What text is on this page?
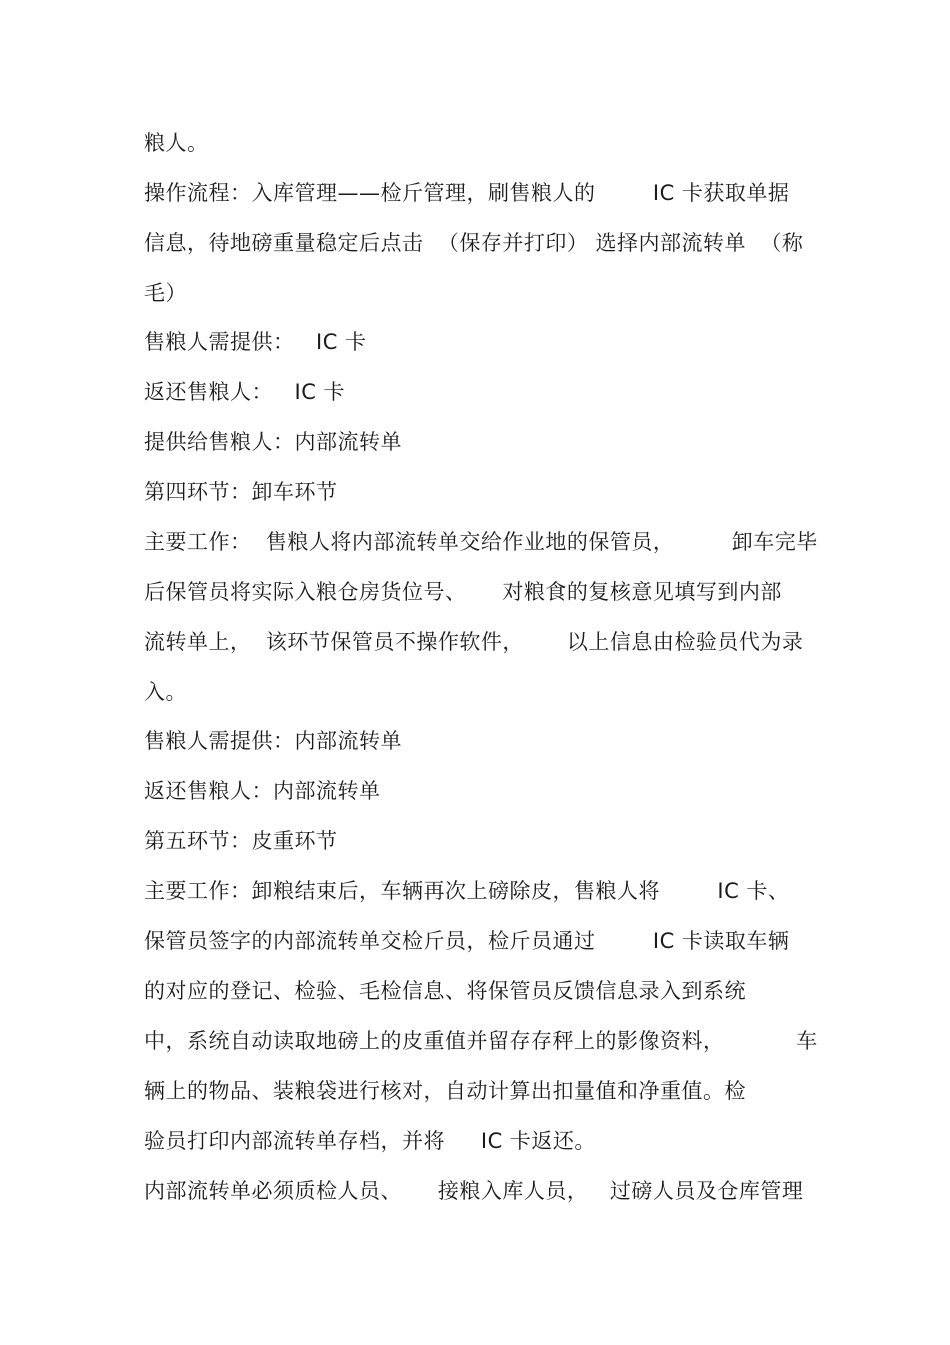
粮人。
操作流程：入库管理——检斤管理，刷售粮人的        IC 卡获取单据
信息，待地磅重量稳定后点击  （保存并打印） 选择内部流转单  （称
毛）
售粮人需提供：   IC 卡
返还售粮人：   IC 卡
提供给售粮人：内部流转单
第四环节：卸车环节
主要工作：  售粮人将内部流转单交给作业地的保管员，        卸车完毕
后保管员将实际入粮仓房货位号、     对粮食的复核意见填写到内部
流转单上，  该环节保管员不操作软件，      以上信息由检验员代为录
入。
售粮人需提供：内部流转单
返还售粮人：内部流转单
第五环节：皮重环节
主要工作：卸粮结束后，车辆再次上磅除皮，售粮人将        IC 卡、
保管员签字的内部流转单交检斤员，检斤员通过        IC 卡读取车辆
的对应的登记、检验、毛检信息、将保管员反馈信息录入到系统
中，系统自动读取地磅上的皮重值并留存存秤上的影像资料，          车
辆上的物品、装粮袋进行核对，自动计算出扣量值和净重值。检
验员打印内部流转单存档，并将     IC 卡返还。
内部流转单必须质检人员、     接粮入库人员，   过磅人员及仓库管理
